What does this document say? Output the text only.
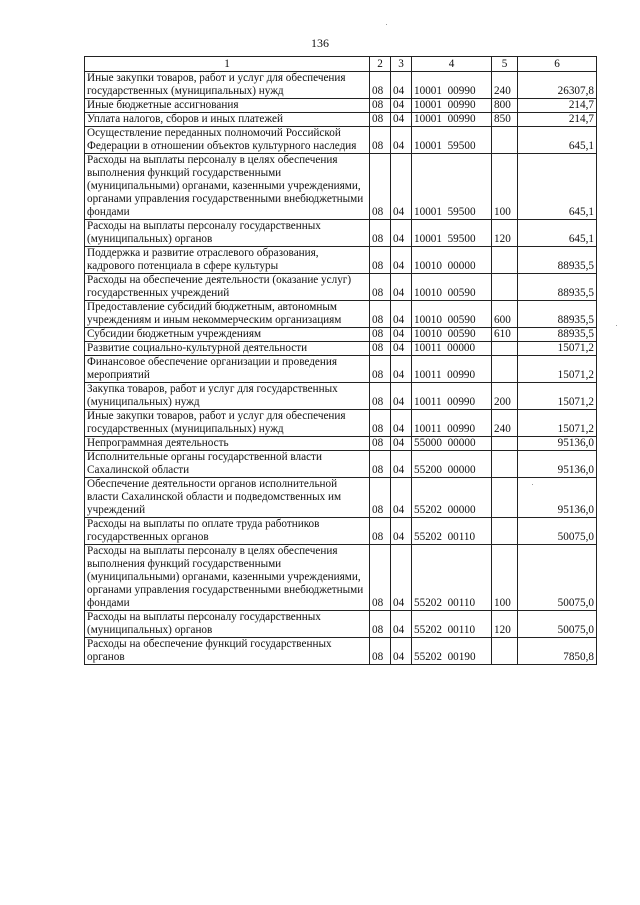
136
1	2	3	4	5	6
Иные закупки товаров, работ и услуг для обеспечения государственных (муниципальных) нужд	08	04	10001  00990	240	26307,8
Иные бюджетные ассигнования	08	04	10001  00990	800	214,7
Уплата налогов, сборов и иных платежей	08	04	10001  00990	850	214,7
Осуществление переданных полномочий Российской Федерации в отношении объектов культурного наследия	08	04	10001  59500		645,1
Расходы на выплаты персоналу в целях обеспечения выполнения функций государственными (муниципальными) органами, казенными учреждениями, органами управления государственными внебюджетными фондами	08	04	10001  59500	100	645,1
Расходы на выплаты персоналу государственных (муниципальных) органов	08	04	10001  59500	120	645,1
Поддержка и развитие отраслевого образования, кадрового потенциала в сфере культуры	08	04	10010  00000		88935,5
Расходы на обеспечение деятельности (оказание услуг) государственных учреждений	08	04	10010  00590		88935,5
Предоставление субсидий бюджетным, автономным учреждениям и иным некоммерческим организациям	08	04	10010  00590	600	88935,5
Субсидии бюджетным учреждениям	08	04	10010  00590	610	88935,5
Развитие социально-культурной деятельности	08	04	10011  00000		15071,2
Финансовое обеспечение организации и проведения мероприятий	08	04	10011  00990		15071,2
Закупка товаров, работ и услуг для государственных (муниципальных) нужд	08	04	10011  00990	200	15071,2
Иные закупки товаров, работ и услуг для обеспечения государственных (муниципальных) нужд	08	04	10011  00990	240	15071,2
Непрограммная деятельность	08	04	55000  00000		95136,0
Исполнительные органы государственной власти Сахалинской области	08	04	55200  00000		95136,0
Обеспечение деятельности органов исполнительной власти Сахалинской области и подведомственных им учреждений	08	04	55202  00000		95136,0
Расходы на выплаты по оплате труда работников государственных органов	08	04	55202  00110		50075,0
Расходы на выплаты персоналу в целях обеспечения выполнения функций государственными (муниципальными) органами, казенными учреждениями, органами управления государственными внебюджетными фондами	08	04	55202  00110	100	50075,0
Расходы на выплаты персоналу государственных (муниципальных) органов	08	04	55202  00110	120	50075,0
Расходы на обеспечение функций государственных органов	08	04	55202  00190		7850,8
